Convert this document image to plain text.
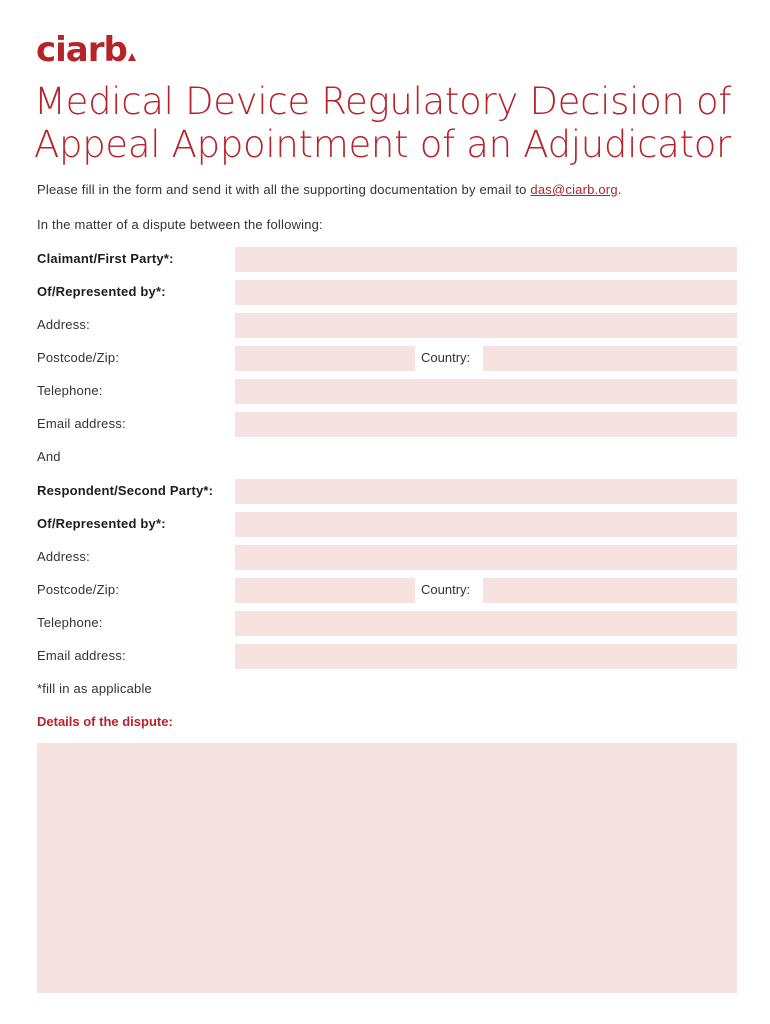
ciarb
Medical Device Regulatory Decision of
Appeal Appointment of an Adjudicator
Please fill in the form and send it with all the supporting documentation by email to das@ciarb.org.
In the matter of a dispute between the following:
Claimant/First Party*:
Of/Represented by*:
Address:
Postcode/Zip:	Country:
Telephone:
Email address:
And
Respondent/Second Party*:
Of/Represented by*:
Address:
Postcode/Zip:	Country:
Telephone:
Email address:
*fill in as applicable
Details of the dispute:
